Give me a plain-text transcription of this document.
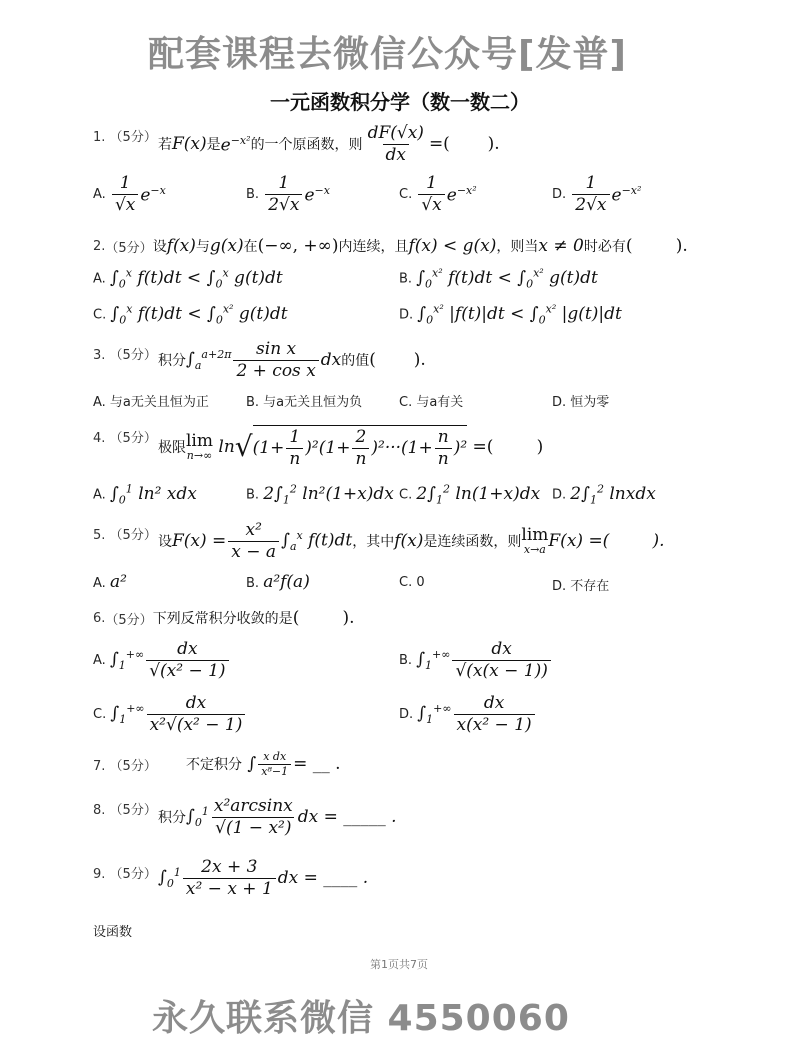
配套课程去微信公众号[发普]
一元函数积分学（数一数二）
1. （5分） 若 F(x) 是 $e^{-x^2}$ 的一个原函数，则 $\frac{dF(√x)}{dx}$ =(       ).
A. $\frac{1}{√x} e^{-x}$	B. $\frac{1}{2√x} e^{-x}$	C. $\frac{1}{√x} e^{-x^2}$	D. $\frac{1}{2√x} e^{-x^2}$
2. （5分） 设 f(x) 与 g(x) 在 (−∞, +∞) 内连续，且 f(x) < g(x) ，则当 x ≠ 0 时必有 (        ).
A. $\int_0^x$ $f(t)dt < \int_0^x$ g(t)dt	B. $\int_0^{x^2}$ $f(t)dt < \int_0^{x^2}$ g(t)dt
C. $\int_0^x$ $f(t)dt < \int_0^{x^2}$ g(t)dt	D. $\int_0^{x^2}$ $|f(t)|dt < \int_0^{x^2}$ |g(t)|dt
3. （5分） 积分 $\int_a^{a+2\pi} \frac{\text{sin x}}{\text{2 + cos x}}$ dx 的值 (       ).
A. 与a无关且恒为正	B. 与a无关且恒为负	C. 与a有关	D. 恒为零
4. （5分）
极限 lim
n→∞ ln √ $(1+ \frac{1}{n} )^2(1+ \frac{2}{n} )^2\cdot\cdot\cdot(1+ \frac{n}{n} )^2$ =(        )
A. $\int_0^1$ ln² xdx	B. $2\int_1^2$ ln²(1+x)dx C. $2\int_1^2$ ln(1+x)dx D. $2\int_1^2$ lnxdx
5. （5分） 设 $F(x) = \frac{\text{x²}}{x - a} \int_a^x$ f(t)dt ，其中 f(x) 是连续函数，则 lim
x→a F(x) =(        ).
A. a²	B. a²f(a)	C. 0	D. 不存在
6. （5分） 下列反常积分收敛的是 (        ).
A. $\int_1^{+\infty} \frac{dx}{\text{√(x² − 1)}}$	B. $\int_1^{+\infty} \frac{dx}{√(x(x - 1))}$
C. $\int_1^{+\infty} \frac{dx}{\text{x²√(x² − 1)}}$	D. $\int_1^{+\infty} \frac{dx}{\text{x(x² − 1)}}$
7. （5分） 不定积分 ∫ $\frac{\text{x dx}}{\text{x⁸−1}}$ = __ .
8. （5分） 积分 $\int_0^1 \frac{\text{x²arcsinx}}{\text{√(1 − x²)}}$ dx = _____ .
9. （5分） $\int_0^1 \frac{2x + 3}{\text{x² − x + 1}}$ dx = ____ .
设函数
第1页共7页
永久联系微信 4550060
